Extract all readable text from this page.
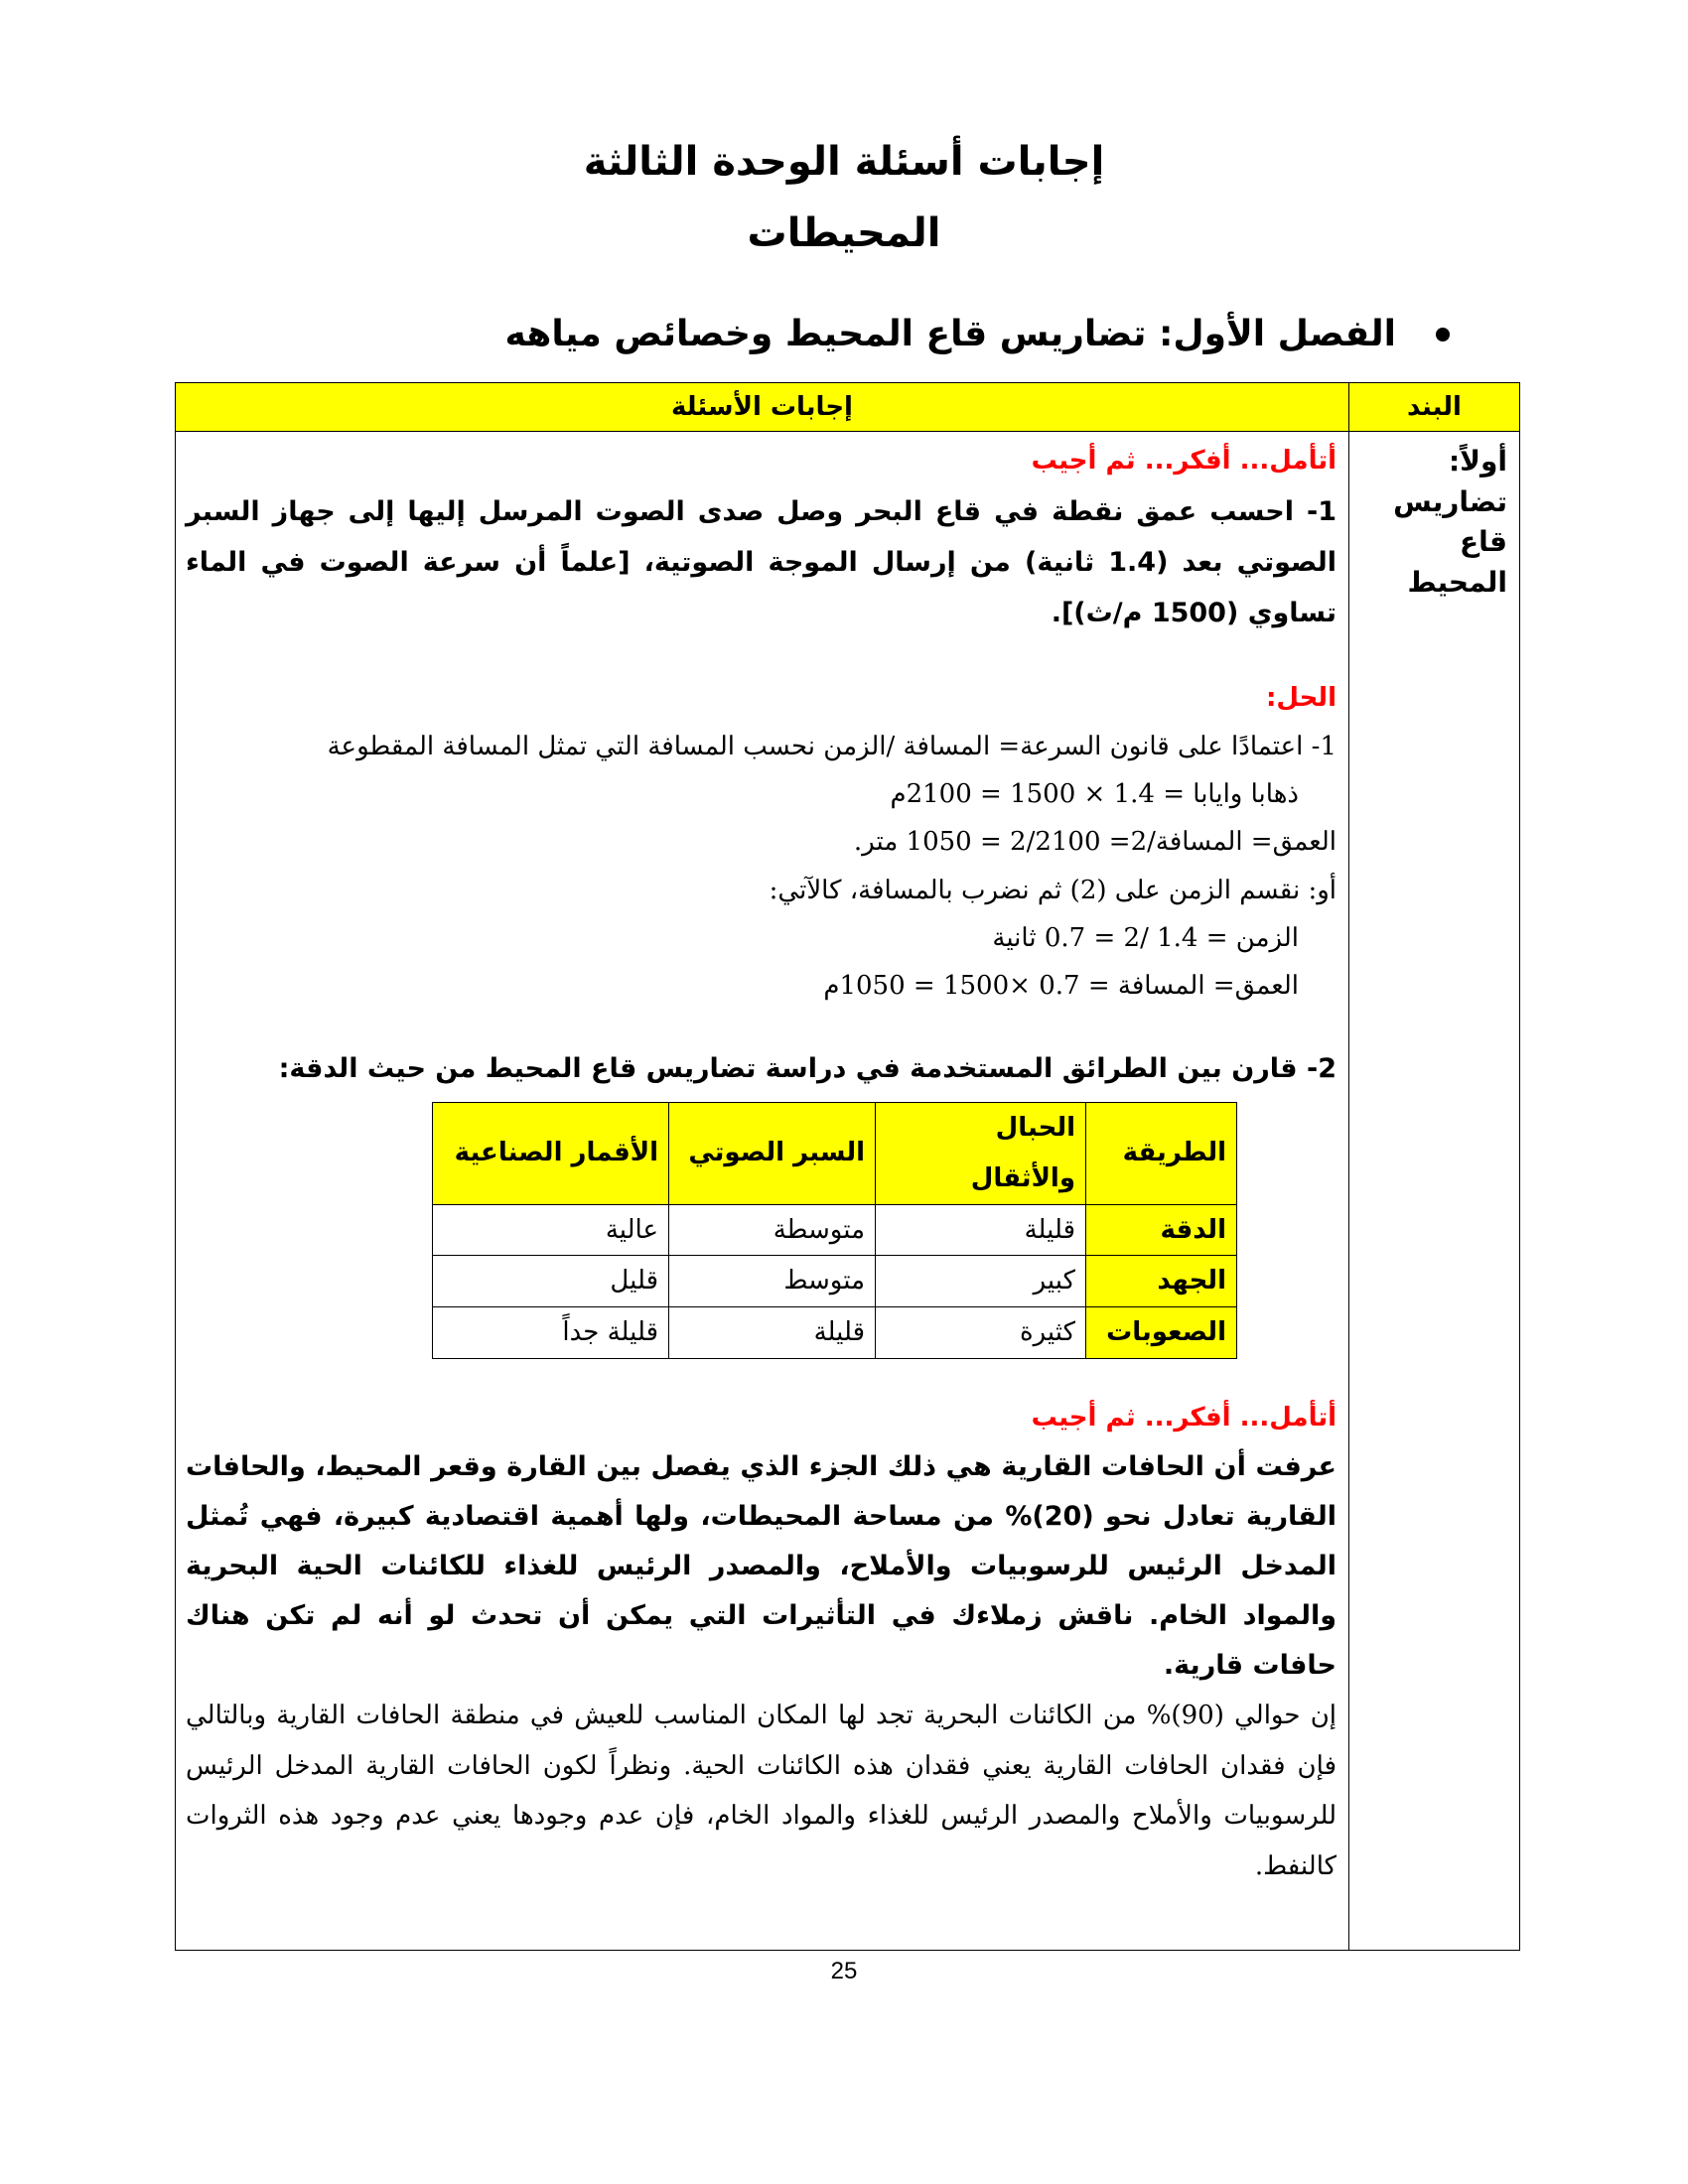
إجابات أسئلة الوحدة الثالثة
المحيطات
الفصل الأول: تضاريس قاع المحيط وخصائص مياهه
البند	إجابات الأسئلة

أولاً:
تضاريس
قاع المحيط

أتأمل... أفكر... ثم أجيب
1- احسب عمق نقطة في قاع البحر وصل صدى الصوت المرسل إليها إلى جهاز السبر الصوتي بعد (1.4 ثانية) من إرسال الموجة الصوتية، [علماً أن سرعة الصوت في الماء تساوي (1500 م/ث)].
الحل:
1- اعتمادًا على قانون السرعة= المسافة /الزمن نحسب المسافة التي تمثل المسافة المقطوعة
ذهابا وايابا = 1.4 × 1500 = 2100م
العمق= المسافة/2= 2/2100 = 1050 متر.
أو: نقسم الزمن على (2) ثم نضرب بالمسافة، كالآتي:
الزمن = 1.4 /2 = 0.7 ثانية
العمق= المسافة = 0.7 ×1500 = 1050م
2- قارن بين الطرائق المستخدمة في دراسة تضاريس قاع المحيط من حيث الدقة:
الطريقة	الحبال والأثقال	السبر الصوتي	الأقمار الصناعية
الدقة	قليلة	متوسطة	عالية
الجهد	كبير	متوسط	قليل
الصعوبات	كثيرة	قليلة	قليلة جداً
أتأمل... أفكر... ثم أجيب
عرفت أن الحافات القارية هي ذلك الجزء الذي يفصل بين القارة وقعر المحيط، والحافات القارية تعادل نحو (20)% من مساحة المحيطات، ولها أهمية اقتصادية كبيرة، فهي تُمثل المدخل الرئيس للرسوبيات والأملاح، والمصدر الرئيس للغذاء للكائنات الحية البحرية والمواد الخام. ناقش زملاءك في التأثيرات التي يمكن أن تحدث لو أنه لم تكن هناك حافات قارية.
إن حوالي (90)% من الكائنات البحرية تجد لها المكان المناسب للعيش في منطقة الحافات القارية وبالتالي فإن فقدان الحافات القارية يعني فقدان هذه الكائنات الحية. ونظراً لكون الحافات القارية المدخل الرئيس للرسوبيات والأملاح والمصدر الرئيس للغذاء والمواد الخام، فإن عدم وجودها يعني عدم وجود هذه الثروات كالنفط.
25
